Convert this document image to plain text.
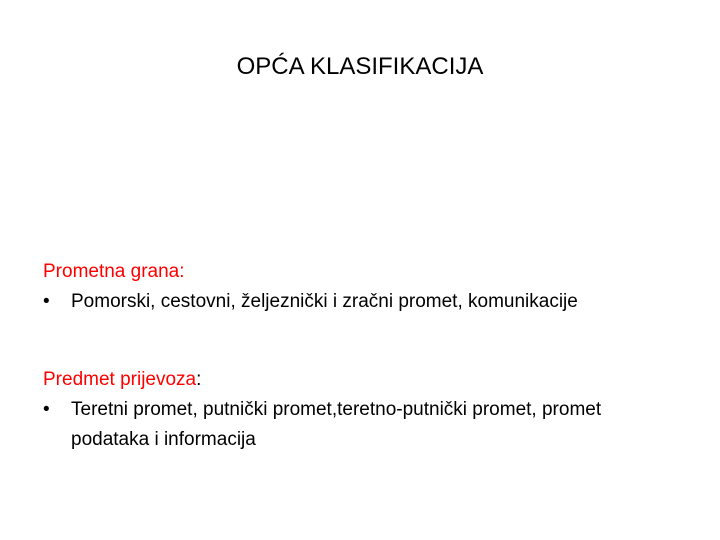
OPĆA KLASIFIKACIJA
Prometna grana:
•	Pomorski, cestovni, željeznički i zračni promet, komunikacije
Predmet prijevoza:
•	Teretni promet, putnički promet,teretno-putnički promet, promet podataka i informacija
